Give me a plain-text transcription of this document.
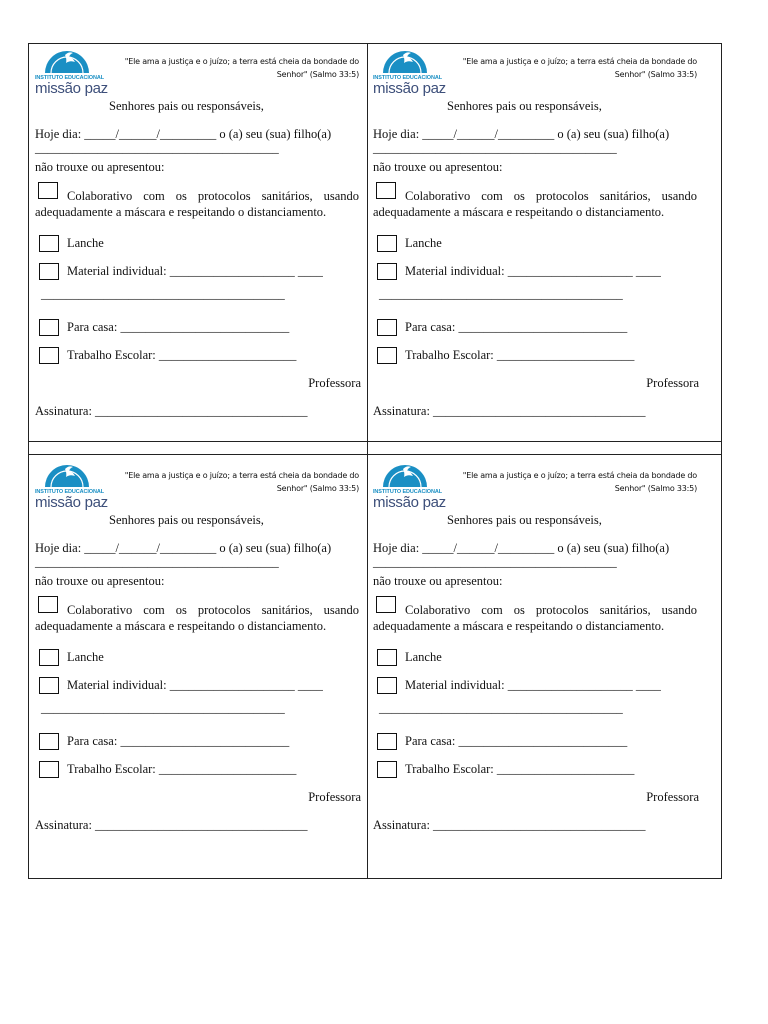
INSTITUTO EDUCACIONAL
missão paz
"Ele ama a justiça e o juízo; a terra está cheia da bondade do Senhor" (Salmo 33:5)
Senhores pais ou responsáveis,
Hoje dia: _____/______/_________ o (a) seu (sua) filho(a)
_______________________________________
não trouxe ou apresentou:
Colaborativo com os protocolos sanitários, usando
adequadamente a máscara e respeitando o distanciamento.
Lanche
Material individual: ____________________ ____
_______________________________________
Para casa: ___________________________
Trabalho Escolar: ______________________
Professora
Assinatura: __________________________________
INSTITUTO EDUCACIONAL
missão paz
"Ele ama a justiça e o juízo; a terra está cheia da bondade do Senhor" (Salmo 33:5)
Senhores pais ou responsáveis,
Hoje dia: _____/______/_________ o (a) seu (sua) filho(a)
_______________________________________
não trouxe ou apresentou:
Colaborativo com os protocolos sanitários, usando
adequadamente a máscara e respeitando o distanciamento.
Lanche
Material individual: ____________________ ____
_______________________________________
Para casa: ___________________________
Trabalho Escolar: ______________________
Professora
Assinatura: __________________________________
INSTITUTO EDUCACIONAL
missão paz
"Ele ama a justiça e o juízo; a terra está cheia da bondade do Senhor" (Salmo 33:5)
Senhores pais ou responsáveis,
Hoje dia: _____/______/_________ o (a) seu (sua) filho(a)
_______________________________________
não trouxe ou apresentou:
Colaborativo com os protocolos sanitários, usando
adequadamente a máscara e respeitando o distanciamento.
Lanche
Material individual: ____________________ ____
_______________________________________
Para casa: ___________________________
Trabalho Escolar: ______________________
Professora
Assinatura: __________________________________
INSTITUTO EDUCACIONAL
missão paz
"Ele ama a justiça e o juízo; a terra está cheia da bondade do Senhor" (Salmo 33:5)
Senhores pais ou responsáveis,
Hoje dia: _____/______/_________ o (a) seu (sua) filho(a)
_______________________________________
não trouxe ou apresentou:
Colaborativo com os protocolos sanitários, usando
adequadamente a máscara e respeitando o distanciamento.
Lanche
Material individual: ____________________ ____
_______________________________________
Para casa: ___________________________
Trabalho Escolar: ______________________
Professora
Assinatura: __________________________________
